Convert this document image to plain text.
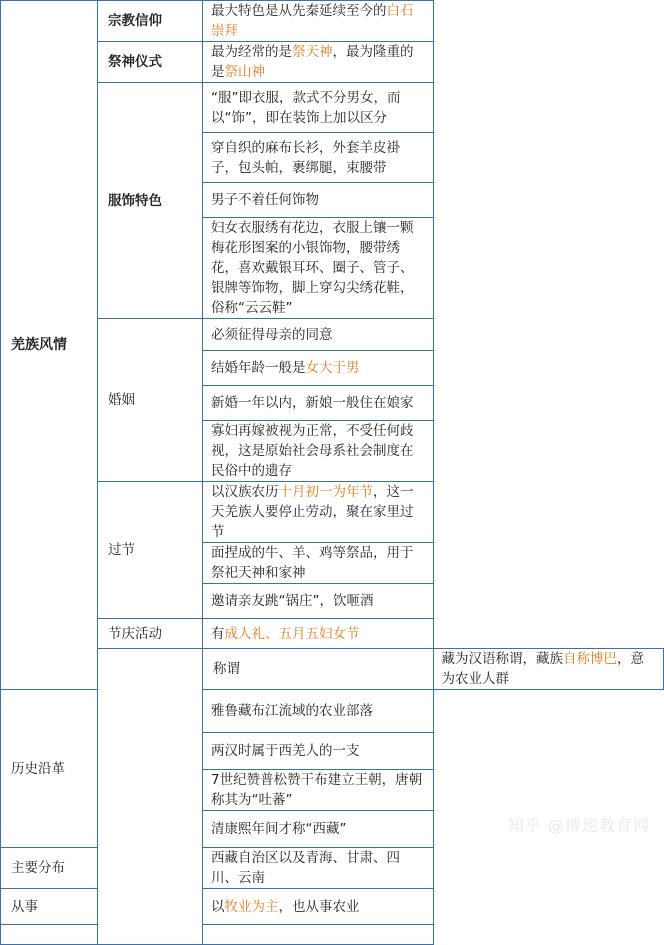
羌族风情	宗教信仰	最大特色是从先秦延续至今的白石崇拜	
	祭神仪式	最为经常的是祭天神，最为隆重的是祭山神	
	服饰特色	“服”即衣服，款式不分男女，而以“饰”，即在装饰上加以区分	
		穿自织的麻布长衫，外套羊皮褂子，包头帕，裹绑腿，束腰带	
		男子不着任何饰物	
		妇女衣服绣有花边，衣服上镶一颗梅花形图案的小银饰物，腰带绣花，喜欢戴银耳环、圈子、管子、银牌等饰物，脚上穿勾尖绣花鞋，俗称“云云鞋”	
	婚姻	必须征得母亲的同意	
		结婚年龄一般是女大于男	
		新婚一年以内，新娘一般住在娘家	
		寡妇再嫁被视为正常，不受任何歧视，这是原始社会母系社会制度在民俗中的遗存	
	过节	以汉族农历十月初一为年节，这一天羌族人要停止劳动，聚在家里过节	
		面捏成的牛、羊、鸡等祭品，用于祭祀天神和家神	
		邀请亲友跳“锅庄”，饮咂酒	
	节庆活动	有成人礼、五月五妇女节	
		称谓	藏为汉语称谓，藏族自称博巴，意为农业人群
历史沿革		雅鲁藏布江流域的农业部落	
		两汉时属于西羌人的一支	
		7世纪赞普松赞干布建立王朝，唐朝称其为“吐蕃”	
		清康熙年间才称“西藏”	
主要分布		西藏自治区以及青海、甘肃、四川、云南	
从事		以牧业为主，也从事农业	

知乎 @博逆教育网
